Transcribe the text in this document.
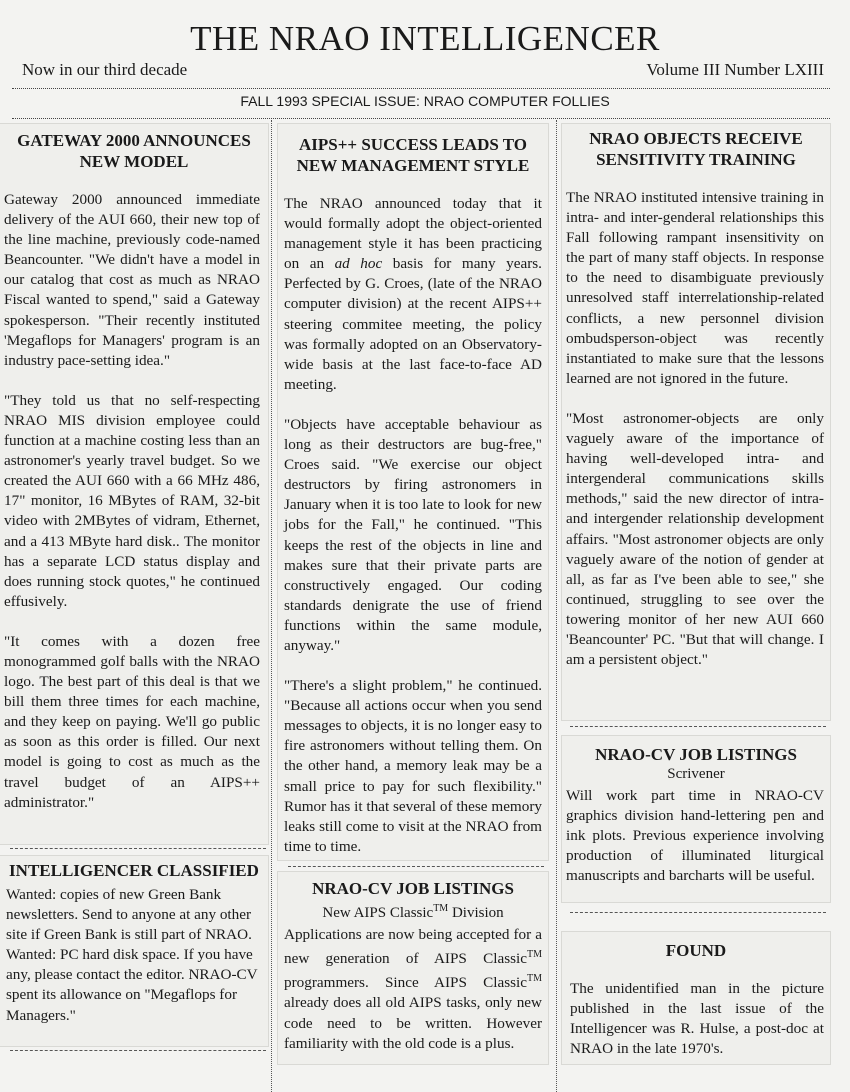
THE NRAO INTELLIGENCER
Now in our third decade	Volume III Number LXIII
FALL 1993 SPECIAL ISSUE: NRAO COMPUTER FOLLIES
GATEWAY 2000 ANNOUNCES NEW MODEL

Gateway 2000 announced immediate delivery of the AUI 660, their new top of the line machine, previously code-named Beancounter. "We didn't have a model in our catalog that cost as much as NRAO Fiscal wanted to spend," said a Gateway spokesperson. "Their recently instituted 'Megaflops for Managers' program is an industry pace-setting idea."

"They told us that no self-respecting NRAO MIS division employee could function at a machine costing less than an astronomer's yearly travel budget. So we created the AUI 660 with a 66 MHz 486, 17" monitor, 16 MBytes of RAM, 32-bit video with 2MBytes of vidram, Ethernet, and a 413 MByte hard disk.. The monitor has a separate LCD status display and does running stock quotes," he continued effusively.

"It comes with a dozen free monogrammed golf balls with the NRAO logo. The best part of this deal is that we bill them three times for each machine, and they keep on paying. We'll go public as soon as this order is filled. Our next model is going to cost as much as the travel budget of an AIPS++ administrator."

INTELLIGENCER CLASSIFIED

Wanted: copies of new Green Bank newsletters. Send to anyone at any other site if Green Bank is still part of NRAO.

Wanted: PC hard disk space. If you have any, please contact the editor. NRAO-CV spent its allowance on "Megaflops for Managers."

AIPS++ SUCCESS LEADS TO NEW MANAGEMENT STYLE

The NRAO announced today that it would formally adopt the object-oriented management style it has been practicing on an ad hoc basis for many years. Perfected by G. Croes, (late of the NRAO computer division) at the recent AIPS++ steering commitee meeting, the policy was formally adopted on an Observatory-wide basis at the last face-to-face AD meeting.

"Objects have acceptable behaviour as long as their destructors are bug-free," Croes said. "We exercise our object destructors by firing astronomers in January when it is too late to look for new jobs for the Fall," he continued. "This keeps the rest of the objects in line and makes sure that their private parts are constructively engaged. Our coding standards denigrate the use of friend functions within the same module, anyway."

"There's a slight problem," he continued. "Because all actions occur when you send messages to objects, it is no longer easy to fire astronomers without telling them. On the other hand, a memory leak may be a small price to pay for such flexibility." Rumor has it that several of these memory leaks still come to visit at the NRAO from time to time.

NRAO-CV JOB LISTINGS
New AIPS Classic™ Division

Applications are now being accepted for a new generation of AIPS Classic™ programmers. Since AIPS Classic™ already does all old AIPS tasks, only new code need to be written. However familiarity with the old code is a plus.

NRAO OBJECTS RECEIVE SENSITIVITY TRAINING

The NRAO instituted intensive training in intra- and inter-genderal relationships this Fall following rampant insensitivity on the part of many staff objects. In response to the need to disambiguate previously unresolved staff interrelationship-related conflicts, a new personnel division ombudsperson-object was recently instantiated to make sure that the lessons learned are not ignored in the future.

"Most astronomer-objects are only vaguely aware of the importance of having well-developed intra- and intergenderal communications skills methods," said the new director of intra- and intergender relationship development affairs. "Most astronomer objects are only vaguely aware of the notion of gender at all, as far as I've been able to see," she continued, struggling to see over the towering monitor of her new AUI 660 'Beancounter' PC. "But that will change. I am a persistent object."

NRAO-CV JOB LISTINGS
Scrivener

Will work part time in NRAO-CV graphics division hand-lettering pen and ink plots. Previous experience involving production of illuminated liturgical manuscripts and barcharts will be useful.

FOUND

The unidentified man in the picture published in the last issue of the Intelligencer was R. Hulse, a post-doc at NRAO in the late 1970's.
